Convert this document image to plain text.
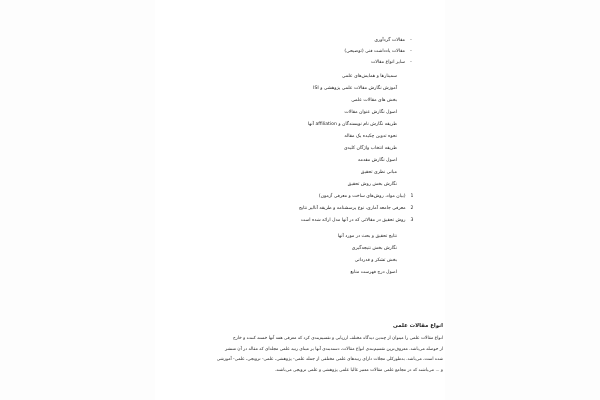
-مقالات گردآوری
-مقالات یادداشت فنی (توضیحی)
-سایر انواع مقالات
سمینارها و همایش‌های علمی
آموزش نگارش مقالات علمی پژوهشی و ISI
بخش های مقالات علمی
اصول نگارش عنوان مقالات
طریقه نگارش نام نویسندگان و affiliation آنها
نحوه تدوین چکیده یک مقاله
طریقه انتخاب واژگان کلیدی
اصول نگارش مقدمه
مبانی نظری تحقیق
نگارش بخش روش تحقیق
1 (بیان مواد، روش‌های ساخت و معرفی آزمون)
2 معرفی جامعه آماری، نوع پرسشنامه و طریقه آنالیز نتایج
3 روش تحقیق در مقالاتی که در آنها مدل ارائه شده است
نتایج تحقیق و بحث در مورد آنها
نگارش بخش نتیجه‌گیری
بخش تشکر و قدردانی
اصول درج فهرست منابع
انواع مقالات علمی
انواع مقالات علمی را میتوان از چندین دیدگاه مختلف ارزیابی و تقسیم‌بندی کرد که معرفی همه آنها خسته کننده و خارج
از حوصله می‌باشد. معروف‌ترین تقسیم‌بندی انواع مقالات، دسته‌بندی آنها بر مبنای رتبه علمی مجله‌ای که مقاله در آن منتشر
شده است، می‌باشد. به‌طورکلی مجلات دارای رتبه‌های علمی مختلفی از جمله علمی- پژوهشی، علمی- ترویجی، علمی- آموزشی
و ... می‌باشند که در مجامع علمی مقالات معتبر غالبا علمی پژوهشی و علمی ترویجی می‌باشند.
